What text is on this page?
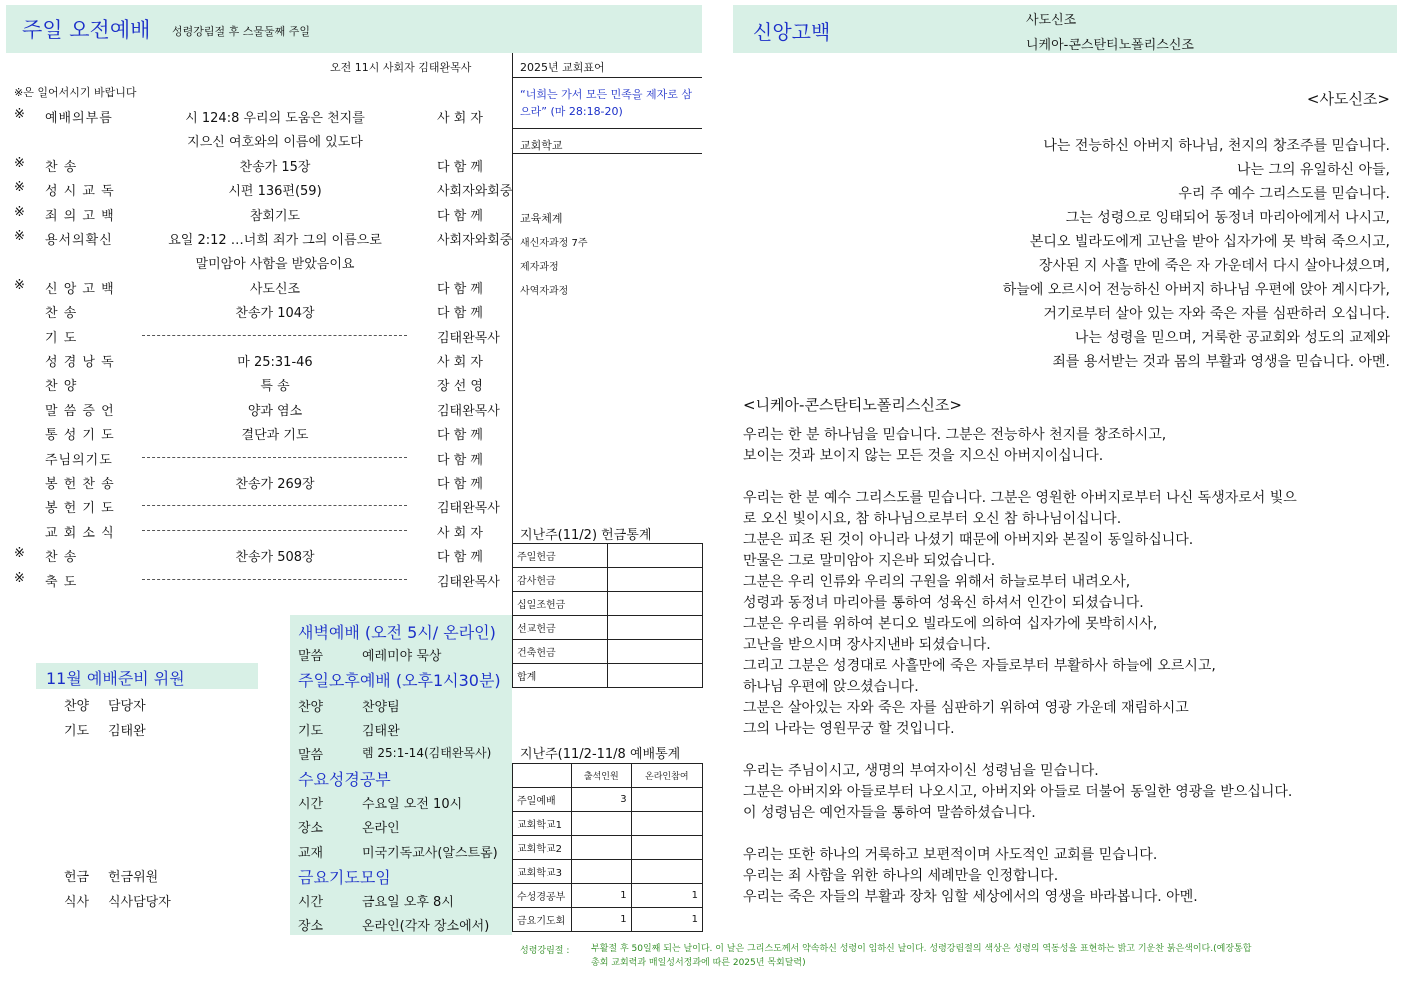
주일 오전예배 성령강림절 후 스물둘째 주일
오전 11시 사회자 김태완목사
※은 일어서시기 바랍니다
※ 예배의부름	시 124:8 우리의 도움은 천지를	사 회 자
지으신 여호와의 이름에 있도다
※ 찬 송	찬송가 15장	다 함 께
※ 성 시 교 독	시편 136편(59)	사회자와회중
※ 죄 의 고 백	참회기도	다 함 께
※ 용서의확신	요일 2:12 …너희 죄가 그의 이름으로	사회자와회중
말미암아 사함을 받았음이요
※ 신 앙 고 백	사도신조	다 함 께
찬 송	찬송가 104장	다 함 께
기 도	김태완목사
성 경 낭 독	마 25:31-46	사 회 자
찬 양	특 송	장 선 영
말 씀 증 언	양과 염소	김태완목사
통 성 기 도	결단과 기도	다 함 께
주님의기도	다 함 께
봉 헌 찬 송	찬송가 269장	다 함 께
봉 헌 기 도	김태완목사
교 회 소 식	사 회 자
※ 찬 송	찬송가 508장	다 함 께
※ 축 도	김태완목사
2025년 교회표어
“너희는 가서 모든 민족을 제자로 삼으라” (마 28:18-20)
교회학교
교육체계
새신자과정 7주
제자과정
사역자과정
지난주(11/2) 헌금통계
주일헌금	
감사헌금	
십일조헌금	
선교헌금	
건축헌금	
합계	
지난주(11/2-11/8 예배통계
	출석인원	온라인참여
주일예배	3	
교회학교1		
교회학교2		
교회학교3		
수성경공부	1	1
금요기도회	1	1
11월 예배준비 위원
찬양 담당자
기도 김태완
헌금 헌금위원
식사 식사담당자
새벽예배 (오전 5시/ 온라인)
말씀	예레미야 묵상
주일오후예배 (오후1시30분)
찬양	찬양팀
기도	김태완
말씀	렘 25:1-14(김태완목사)
수요성경공부
시간	수요일 오전 10시
장소	온라인
교재	미국기독교사(알스트롬)
금요기도모임
시간	금요일 오후 8시
장소	온라인(각자 장소에서)
성령강림절 : 부활절 후 50일째 되는 날이다. 이 날은 그리스도께서 약속하신 성령이 임하신 날이다. 성령강림절의 색상은 성령의 역동성을 표현하는 밝고 기운찬 붉은색이다.(예장통합
총회 교회력과 매일성서정과에 따른 2025년 목회달력)
신앙고백	사도신조
니케아-콘스탄티노폴리스신조
<사도신조>
나는 전능하신 아버지 하나님, 천지의 창조주를 믿습니다.
나는 그의 유일하신 아들,
우리 주 예수 그리스도를 믿습니다.
그는 성령으로 잉태되어 동정녀 마리아에게서 나시고,
본디오 빌라도에게 고난을 받아 십자가에 못 박혀 죽으시고,
장사된 지 사흘 만에 죽은 자 가운데서 다시 살아나셨으며,
하늘에 오르시어 전능하신 아버지 하나님 우편에 앉아 계시다가,
거기로부터 살아 있는 자와 죽은 자를 심판하러 오십니다.
나는 성령을 믿으며, 거룩한 공교회와 성도의 교제와
죄를 용서받는 것과 몸의 부활과 영생을 믿습니다. 아멘.
<니케아-콘스탄티노폴리스신조>

우리는 한 분 하나님을 믿습니다. 그분은 전능하사 천지를 창조하시고,

보이는 것과 보이지 않는 모든 것을 지으신 아버지이십니다.

우리는 한 분 예수 그리스도를 믿습니다. 그분은 영원한 아버지로부터 나신 독생자로서 빛으

로 오신 빛이시요, 참 하나님으로부터 오신 참 하나님이십니다.

그분은 피조 된 것이 아니라 나셨기 때문에 아버지와 본질이 동일하십니다.

만물은 그로 말미암아 지은바 되었습니다.

그분은 우리 인류와 우리의 구원을 위해서 하늘로부터 내려오사,

성령과 동정녀 마리아를 통하여 성육신 하셔서 인간이 되셨습니다.

그분은 우리를 위하여 본디오 빌라도에 의하여 십자가에 못박히시사,

고난을 받으시며 장사지낸바 되셨습니다.

그리고 그분은 성경대로 사흘만에 죽은 자들로부터 부활하사 하늘에 오르시고,

하나님 우편에 앉으셨습니다.

그분은 살아있는 자와 죽은 자를 심판하기 위하여 영광 가운데 재림하시고

그의 나라는 영원무궁 할 것입니다.

우리는 주님이시고, 생명의 부여자이신 성령님을 믿습니다.

그분은 아버지와 아들로부터 나오시고, 아버지와 아들로 더불어 동일한 영광을 받으십니다.

이 성령님은 예언자들을 통하여 말씀하셨습니다.

우리는 또한 하나의 거룩하고 보편적이며 사도적인 교회를 믿습니다.

우리는 죄 사함을 위한 하나의 세례만을 인정합니다.

우리는 죽은 자들의 부활과 장차 임할 세상에서의 영생을 바라봅니다. 아멘.
